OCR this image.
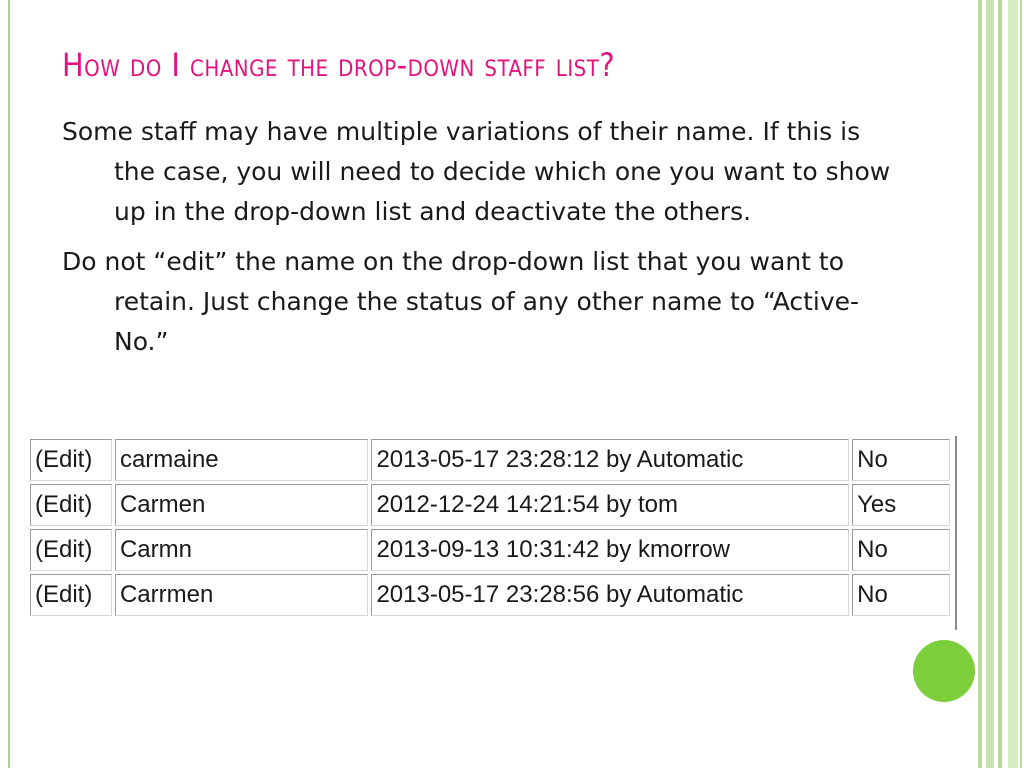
How do I change the drop-down staff list?

Some staff may have multiple variations of their name. If this is the case, you will need to decide which one you want to show up in the drop-down list and deactivate the others.

Do not “edit” the name on the drop-down list that you want to retain. Just change the status of any other name to “Active-No.”

(Edit)	carmaine	2013-05-17 23:28:12 by Automatic	No
(Edit)	Carmen	2012-12-24 14:21:54 by tom	Yes
(Edit)	Carmn	2013-09-13 10:31:42 by kmorrow	No
(Edit)	Carrmen	2013-05-17 23:28:56 by Automatic	No
